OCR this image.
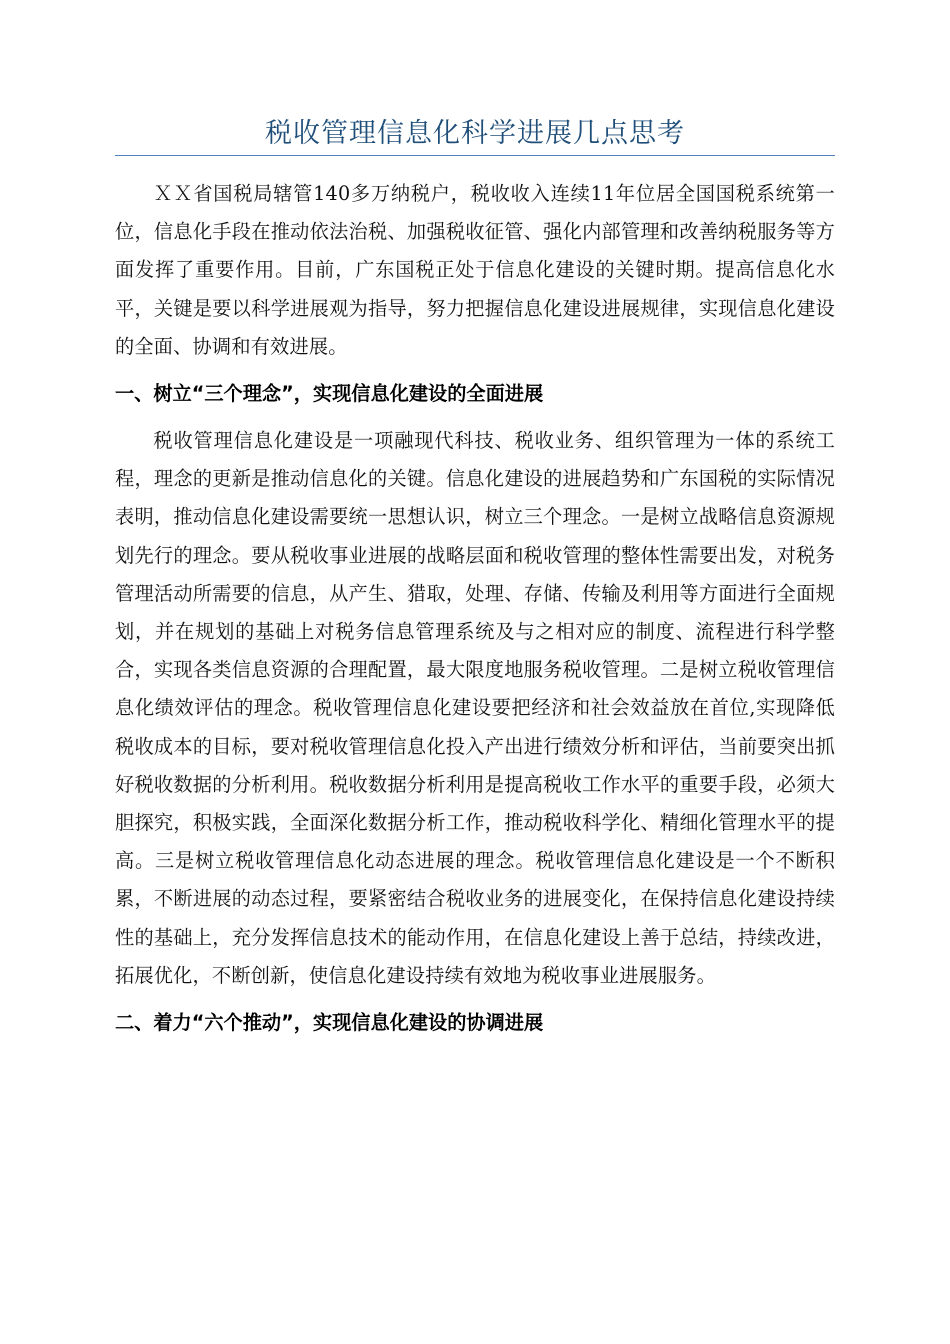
税收管理信息化科学进展几点思考

ＸＸ省国税局辖管140多万纳税户，税收收入连续11年位居全国国税系统第一位，信息化手段在推动依法治税、加强税收征管、强化内部管理和改善纳税服务等方面发挥了重要作用。目前，广东国税正处于信息化建设的关键时期。提高信息化水平，关键是要以科学进展观为指导，努力把握信息化建设进展规律，实现信息化建设的全面、协调和有效进展。

一、树立“三个理念”，实现信息化建设的全面进展

税收管理信息化建设是一项融现代科技、税收业务、组织管理为一体的系统工程，理念的更新是推动信息化的关键。信息化建设的进展趋势和广东国税的实际情况表明，推动信息化建设需要统一思想认识，树立三个理念。一是树立战略信息资源规划先行的理念。要从税收事业进展的战略层面和税收管理的整体性需要出发，对税务管理活动所需要的信息，从产生、猎取，处理、存储、传输及利用等方面进行全面规划，并在规划的基础上对税务信息管理系统及与之相对应的制度、流程进行科学整合，实现各类信息资源的合理配置，最大限度地服务税收管理。二是树立税收管理信息化绩效评估的理念。税收管理信息化建设要把经济和社会效益放在首位,实现降低税收成本的目标，要对税收管理信息化投入产出进行绩效分析和评估，当前要突出抓好税收数据的分析利用。税收数据分析利用是提高税收工作水平的重要手段，必须大胆探究，积极实践，全面深化数据分析工作，推动税收科学化、精细化管理水平的提高。三是树立税收管理信息化动态进展的理念。税收管理信息化建设是一个不断积累，不断进展的动态过程，要紧密结合税收业务的进展变化，在保持信息化建设持续性的基础上，充分发挥信息技术的能动作用，在信息化建设上善于总结，持续改进，拓展优化，不断创新，使信息化建设持续有效地为税收事业进展服务。

二、着力“六个推动”，实现信息化建设的协调进展
